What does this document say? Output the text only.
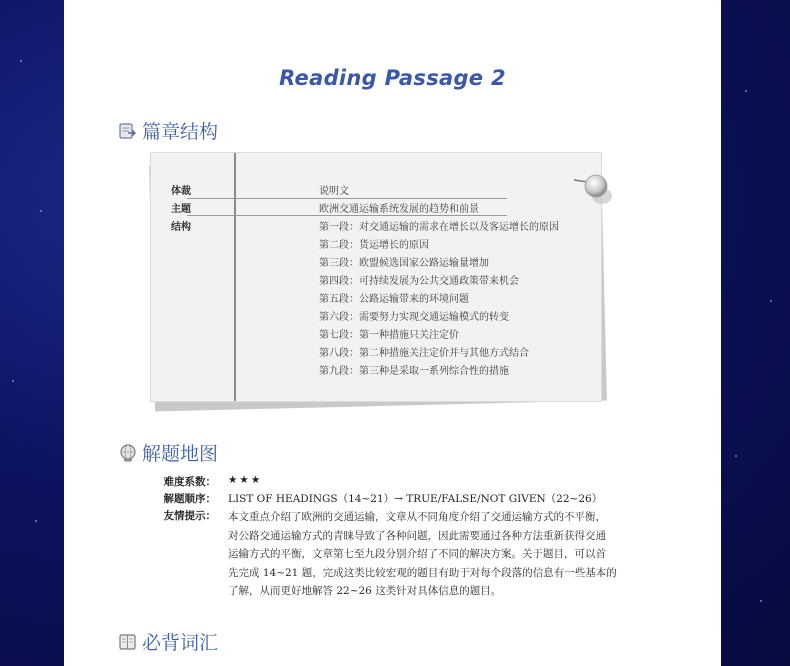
Reading Passage 2
篇章结构
体裁	说明文
主题	欧洲交通运输系统发展的趋势和前景
结构	第一段：对交通运输的需求在增长以及客运增长的原因
第二段：货运增长的原因
第三段：欧盟候选国家公路运输量增加
第四段：可持续发展为公共交通政策带来机会
第五段：公路运输带来的环境问题
第六段：需要努力实现交通运输模式的转变
第七段：第一种措施只关注定价
第八段：第二种措施关注定价并与其他方式结合
第九段：第三种是采取一系列综合性的措施
解题地图
难度系数： ★★★
解题顺序： LIST OF HEADINGS（14~21）→ TRUE/FALSE/NOT GIVEN（22~26）
友情提示： 本文重点介绍了欧洲的交通运输，文章从不同角度介绍了交通运输方式的不平衡，
对公路交通运输方式的青睐导致了各种问题，因此需要通过各种方法重新获得交通
运输方式的平衡，文章第七至九段分别介绍了不同的解决方案。关于题目，可以首
先完成 14~21 题，完成这类比较宏观的题目有助于对每个段落的信息有一些基本的
了解，从而更好地解答 22~26 这类针对具体信息的题目。
必背词汇
